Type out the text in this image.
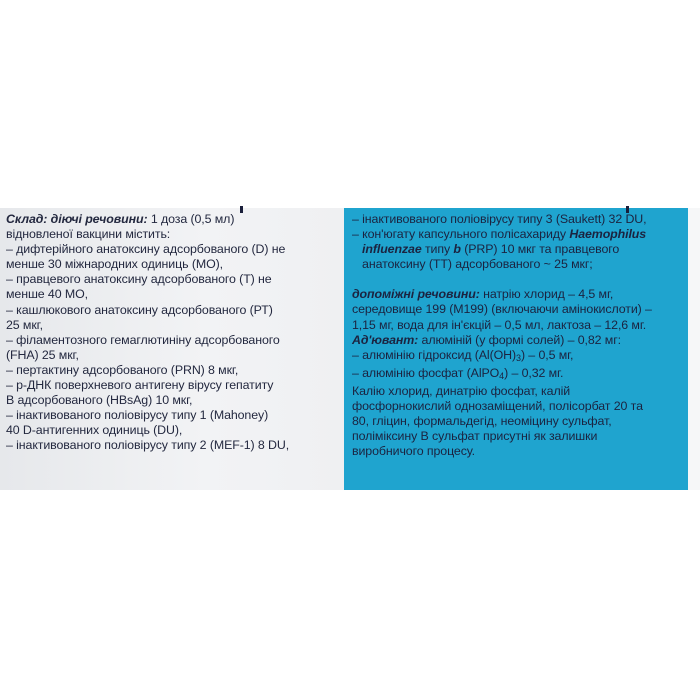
Склад: діючі речовини: 1 доза (0,5 мл)
відновленої вакцини містить:
– дифтерійного анатоксину адсорбованого (D) не
менше 30 міжнародних одиниць (МО),
– правцевого анатоксину адсорбованого (Т) не
менше 40 МО,
– кашлюкового анатоксину адсорбованого (РТ)
25 мкг,
– філаментозного гемаглютиніну адсорбованого
(FHA) 25 мкг,
– пертактину адсорбованого (PRN) 8 мкг,
– р-ДНК поверхневого антигену вірусу гепатиту
В адсорбованого (HBsAg) 10 мкг,
– інактивованого поліовірусу типу 1 (Mahoney)
40 D-антигенних одиниць (DU),
– інактивованого поліовірусу типу 2 (MEF-1) 8 DU,
– інактивованого поліовірусу типу 3 (Saukett) 32 DU,
– кон'югату капсульного полісахариду Haemophilus
influenzae типу b (PRP) 10 мкг та правцевого
анатоксину (ТТ) адсорбованого ~ 25 мкг;
допоміжні речовини: натрію хлорид – 4,5 мг,
середовище 199 (М199) (включаючи амінокислоти) –
1,15 мг, вода для ін'єкцій – 0,5 мл, лактоза – 12,6 мг.
Ад'ювант: алюміній (у формі солей) – 0,82 мг:
– алюмінію гідроксид $(Al(OH)_3) - 0,5$ мг,
– алюмінію фосфат (AlPO$_4$) – 0,32 мг.
Калію хлорид, динатрію фосфат, калій
фосфорнокислий однозаміщений, полісорбат 20 та
80, гліцин, формальдегід, неоміцину сульфат,
поліміксину В сульфат присутні як залишки
виробничого процесу.
